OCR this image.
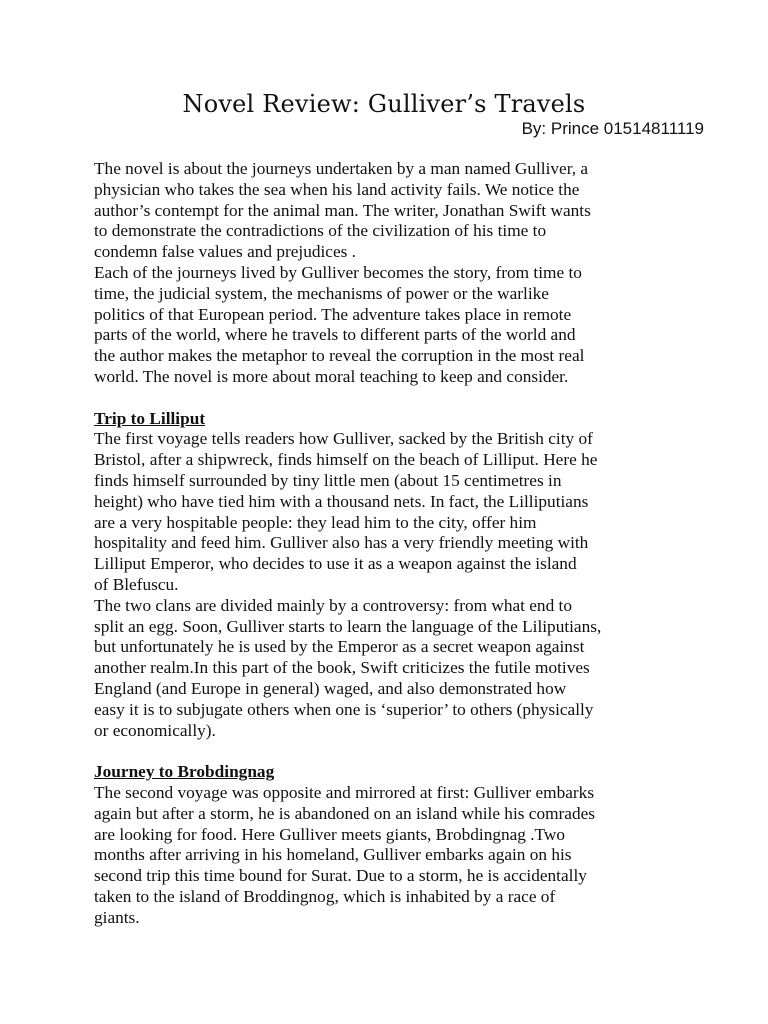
Novel Review: Gulliver’s Travels
By: Prince 01514811119
The novel is about the journeys undertaken by a man named Gulliver, a
physician who takes the sea when his land activity fails. We notice the
author’s contempt for the animal man. The writer, Jonathan Swift wants
to demonstrate the contradictions of the civilization of his time to
condemn false values and prejudices .
Each of the journeys lived by Gulliver becomes the story, from time to
time, the judicial system, the mechanisms of power or the warlike
politics of that European period. The adventure takes place in remote
parts of the world, where he travels to different parts of the world and
the author makes the metaphor to reveal the corruption in the most real
world. The novel is more about moral teaching to keep and consider.
Trip to Lilliput
The first voyage tells readers how Gulliver, sacked by the British city of
Bristol, after a shipwreck, finds himself on the beach of Lilliput. Here he
finds himself surrounded by tiny little men (about 15 centimetres in
height) who have tied him with a thousand nets. In fact, the Lilliputians
are a very hospitable people: they lead him to the city, offer him
hospitality and feed him. Gulliver also has a very friendly meeting with
Lilliput Emperor, who decides to use it as a weapon against the island
of Blefuscu.
The two clans are divided mainly by a controversy: from what end to
split an egg. Soon, Gulliver starts to learn the language of the Liliputians,
but unfortunately he is used by the Emperor as a secret weapon against
another realm.In this part of the book, Swift criticizes the futile motives
England (and Europe in general) waged, and also demonstrated how
easy it is to subjugate others when one is ‘superior’ to others (physically
or economically).
Journey to Brobdingnag
The second voyage was opposite and mirrored at first: Gulliver embarks
again but after a storm, he is abandoned on an island while his comrades
are looking for food. Here Gulliver meets giants, Brobdingnag .Two
months after arriving in his homeland, Gulliver embarks again on his
second trip this time bound for Surat. Due to a storm, he is accidentally
taken to the island of Broddingnog, which is inhabited by a race of
giants.
